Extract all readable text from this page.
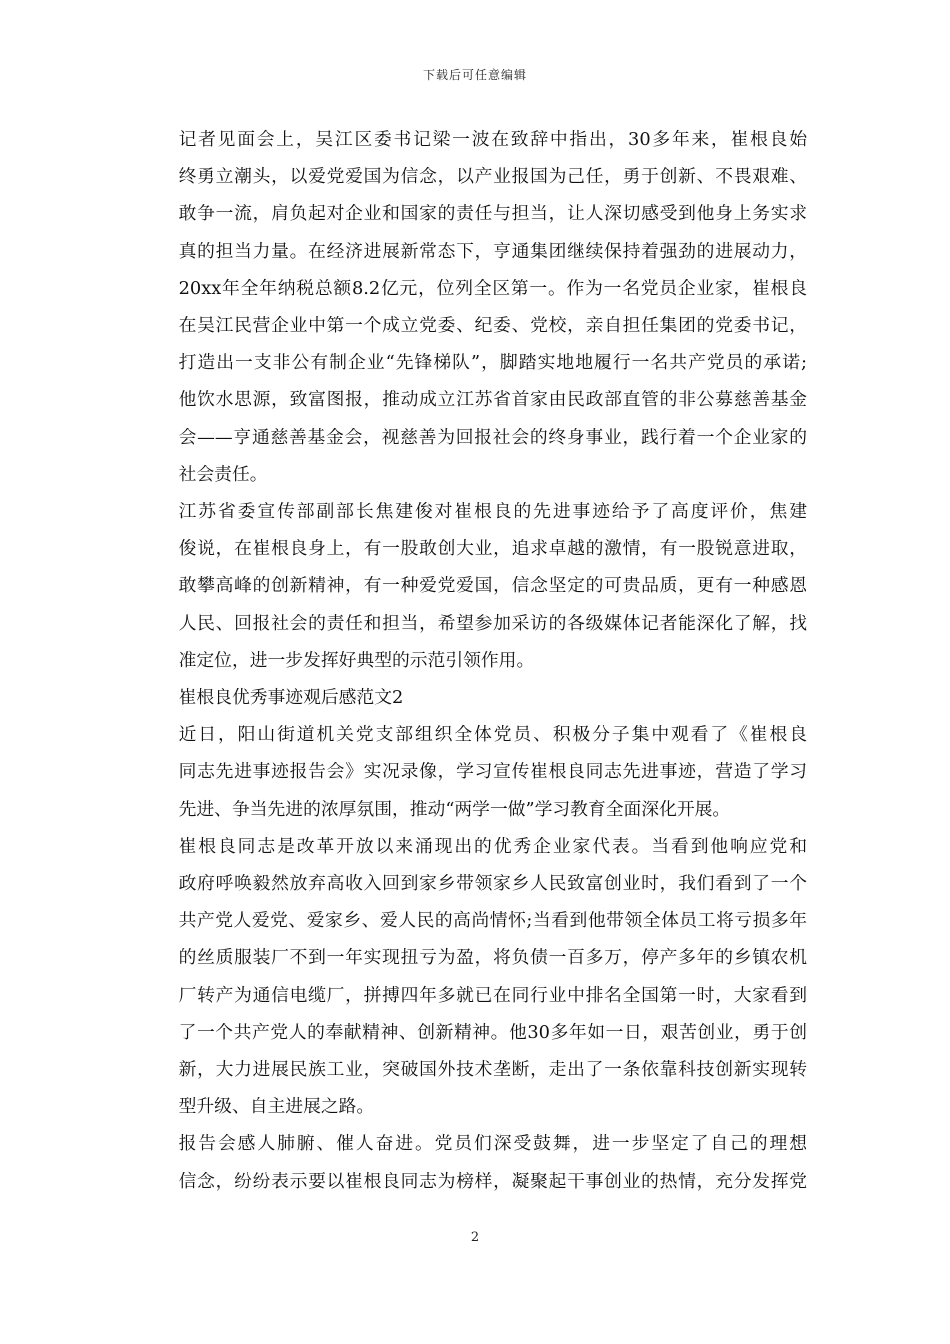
下载后可任意编辑

记者见面会上，吴江区委书记梁一波在致辞中指出，30多年来，崔根良始
终勇立潮头，以爱党爱国为信念，以产业报国为己任，勇于创新、不畏艰难、
敢争一流，肩负起对企业和国家的责任与担当，让人深切感受到他身上务实求
真的担当力量。在经济进展新常态下，亨通集团继续保持着强劲的进展动力，
20xx年全年纳税总额8.2亿元，位列全区第一。作为一名党员企业家，崔根良
在吴江民营企业中第一个成立党委、纪委、党校，亲自担任集团的党委书记，
打造出一支非公有制企业“先锋梯队”，脚踏实地地履行一名共产党员的承诺;
他饮水思源，致富图报，推动成立江苏省首家由民政部直管的非公募慈善基金
会——亨通慈善基金会，视慈善为回报社会的终身事业，践行着一个企业家的
社会责任。

江苏省委宣传部副部长焦建俊对崔根良的先进事迹给予了高度评价，焦建
俊说，在崔根良身上，有一股敢创大业，追求卓越的激情，有一股锐意进取，
敢攀高峰的创新精神，有一种爱党爱国，信念坚定的可贵品质，更有一种感恩
人民、回报社会的责任和担当，希望参加采访的各级媒体记者能深化了解，找
准定位，进一步发挥好典型的示范引领作用。

崔根良优秀事迹观后感范文2

近日，阳山街道机关党支部组织全体党员、积极分子集中观看了《崔根良
同志先进事迹报告会》实况录像，学习宣传崔根良同志先进事迹，营造了学习
先进、争当先进的浓厚氛围，推动“两学一做”学习教育全面深化开展。

崔根良同志是改革开放以来涌现出的优秀企业家代表。当看到他响应党和
政府呼唤毅然放弃高收入回到家乡带领家乡人民致富创业时，我们看到了一个
共产党人爱党、爱家乡、爱人民的高尚情怀;当看到他带领全体员工将亏损多年
的丝质服装厂不到一年实现扭亏为盈，将负债一百多万，停产多年的乡镇农机
厂转产为通信电缆厂，拼搏四年多就已在同行业中排名全国第一时，大家看到
了一个共产党人的奉献精神、创新精神。他30多年如一日，艰苦创业，勇于创
新，大力进展民族工业，突破国外技术垄断，走出了一条依靠科技创新实现转
型升级、自主进展之路。

报告会感人肺腑、催人奋进。党员们深受鼓舞，进一步坚定了自己的理想
信念，纷纷表示要以崔根良同志为榜样，凝聚起干事创业的热情，充分发挥党

2
